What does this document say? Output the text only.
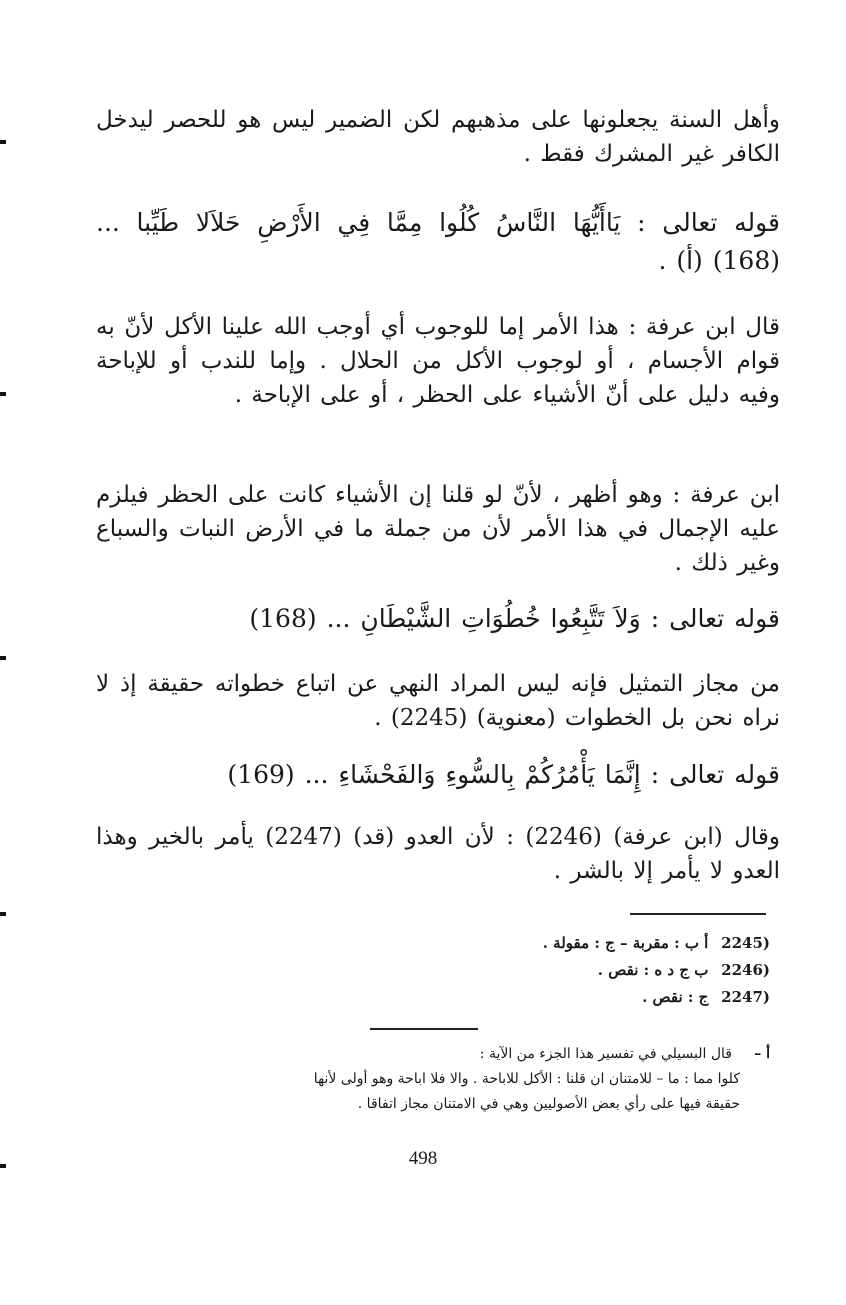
وأهل السنة يجعلونها على مذهبهم لكن الضمير ليس هو للحصر ليدخل الكافر غير المشرك فقط .

قوله تعالى : يَاأَيُّهَا النَّاسُ كُلُوا مِمَّا فِي الأَرْضِ حَلاَلا طَيِّبا ... (168) (أ) .

قال ابن عرفة : هذا الأمر إما للوجوب أي أوجب الله علينا الأكل لأنّ به قوام الأجسام ، أو لوجوب الأكل من الحلال . وإما للندب أو للإباحة وفيه دليل على أنّ الأشياء على الحظر ، أو على الإباحة .

ابن عرفة : وهو أظهر ، لأنّ لو قلنا إن الأشياء كانت على الحظر فيلزم عليه الإجمال في هذا الأمر لأن من جملة ما في الأرض النبات والسباع وغير ذلك .

قوله تعالى : وَلاَ تَتَّبِعُوا خُطُوَاتِ الشَّيْطَانِ ... (168)

من مجاز التمثيل فإنه ليس المراد النهي عن اتباع خطواته حقيقة إذ لا نراه نحن بل الخطوات (معنوية) (2245) .

قوله تعالى : إِنَّمَا يَأْمُرُكُمْ بِالسُّوءِ وَالفَحْشَاءِ ... (169)

وقال (ابن عرفة) (2246) : لأن العدو (قد) (2247) يأمر بالخير وهذا العدو لا يأمر إلا بالشر .

2245) أ ب : مقربة – ج : مقولة .

2246) ب ج د ه : نقص .

2247) ج : نقص .

أ –     قال البسيلي في تفسير هذا الجزء من الآية :

كلوا مما : ما – للامتنان ان قلنا : الأكل للاباحة . والا فلا اباحة وهو أولى لأنها

حقيقة فيها على رأي بعض الأصوليين وهي في الامتنان مجاز اتفاقا .

498
